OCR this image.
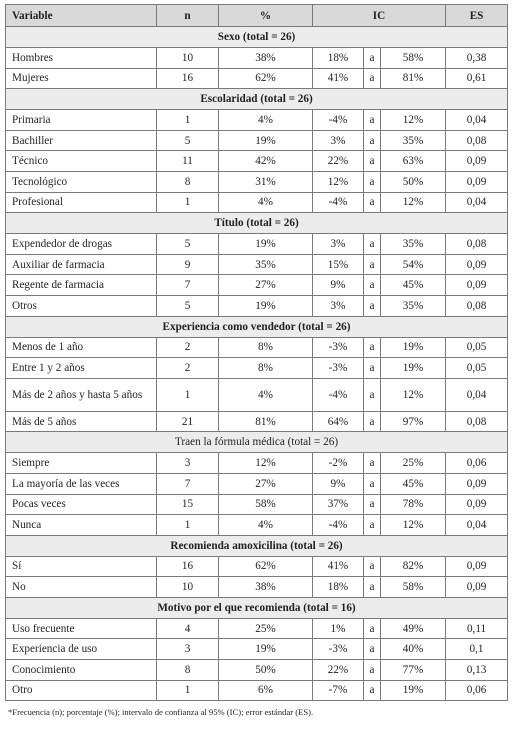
Variable	n	%	IC			ES
Sexo (total = 26)						
Hombres	10	38%	18%	a	58%	0,38
Mujeres	16	62%	41%	a	81%	0,61
Escolaridad (total = 26)						
Primaria	1	4%	-4%	a	12%	0,04
Bachiller	5	19%	3%	a	35%	0,08
Técnico	11	42%	22%	a	63%	0,09
Tecnológico	8	31%	12%	a	50%	0,09
Profesional	1	4%	-4%	a	12%	0,04
Título (total = 26)						
Expendedor de drogas	5	19%	3%	a	35%	0,08
Auxiliar de farmacia	9	35%	15%	a	54%	0,09
Regente de farmacia	7	27%	9%	a	45%	0,09
Otros	5	19%	3%	a	35%	0,08
Experiencia como vendedor (total = 26)						
Menos de 1 año	2	8%	-3%	a	19%	0,05
Entre 1 y 2 años	2	8%	-3%	a	19%	0,05
Más de 2 años y hasta 5 años	1	4%	-4%	a	12%	0,04
Más de 5 años	21	81%	64%	a	97%	0,08
Traen la fórmula médica (total = 26)						
Siempre	3	12%	-2%	a	25%	0,06
La mayoría de las veces	7	27%	9%	a	45%	0,09
Pocas veces	15	58%	37%	a	78%	0,09
Nunca	1	4%	-4%	a	12%	0,04
Recomienda amoxicilina (total = 26)						
Sí	16	62%	41%	a	82%	0,09
No	10	38%	18%	a	58%	0,09
Motivo por el que recomienda (total = 16)						
Uso frecuente	4	25%	1%	a	49%	0,11
Experiencia de uso	3	19%	-3%	a	40%	0,1
Conocimiento	8	50%	22%	a	77%	0,13
Otro	1	6%	-7%	a	19%	0,06
*Frecuencia (n); porcentaje (%); intervalo de confianza al 95% (IC); error estándar (ES).
